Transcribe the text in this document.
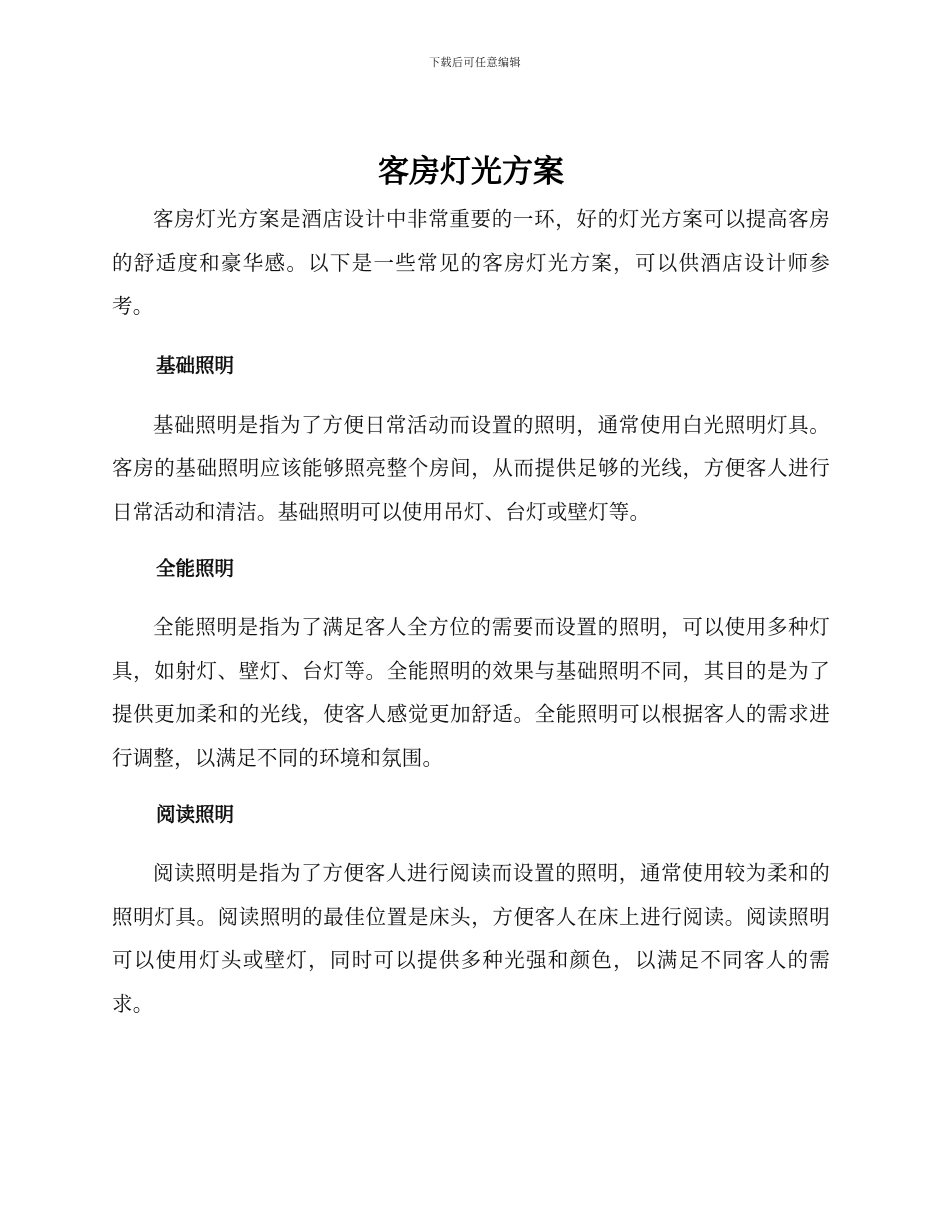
下载后可任意编辑
客房灯光方案

客房灯光方案是酒店设计中非常重要的一环，好的灯光方案可以提高客房的舒适度和豪华感。以下是一些常见的客房灯光方案，可以供酒店设计师参考。

基础照明

基础照明是指为了方便日常活动而设置的照明，通常使用白光照明灯具。客房的基础照明应该能够照亮整个房间，从而提供足够的光线，方便客人进行日常活动和清洁。基础照明可以使用吊灯、台灯或壁灯等。

全能照明

全能照明是指为了满足客人全方位的需要而设置的照明，可以使用多种灯具，如射灯、壁灯、台灯等。全能照明的效果与基础照明不同，其目的是为了提供更加柔和的光线，使客人感觉更加舒适。全能照明可以根据客人的需求进行调整，以满足不同的环境和氛围。

阅读照明

阅读照明是指为了方便客人进行阅读而设置的照明，通常使用较为柔和的照明灯具。阅读照明的最佳位置是床头，方便客人在床上进行阅读。阅读照明可以使用灯头或壁灯，同时可以提供多种光强和颜色，以满足不同客人的需求。
